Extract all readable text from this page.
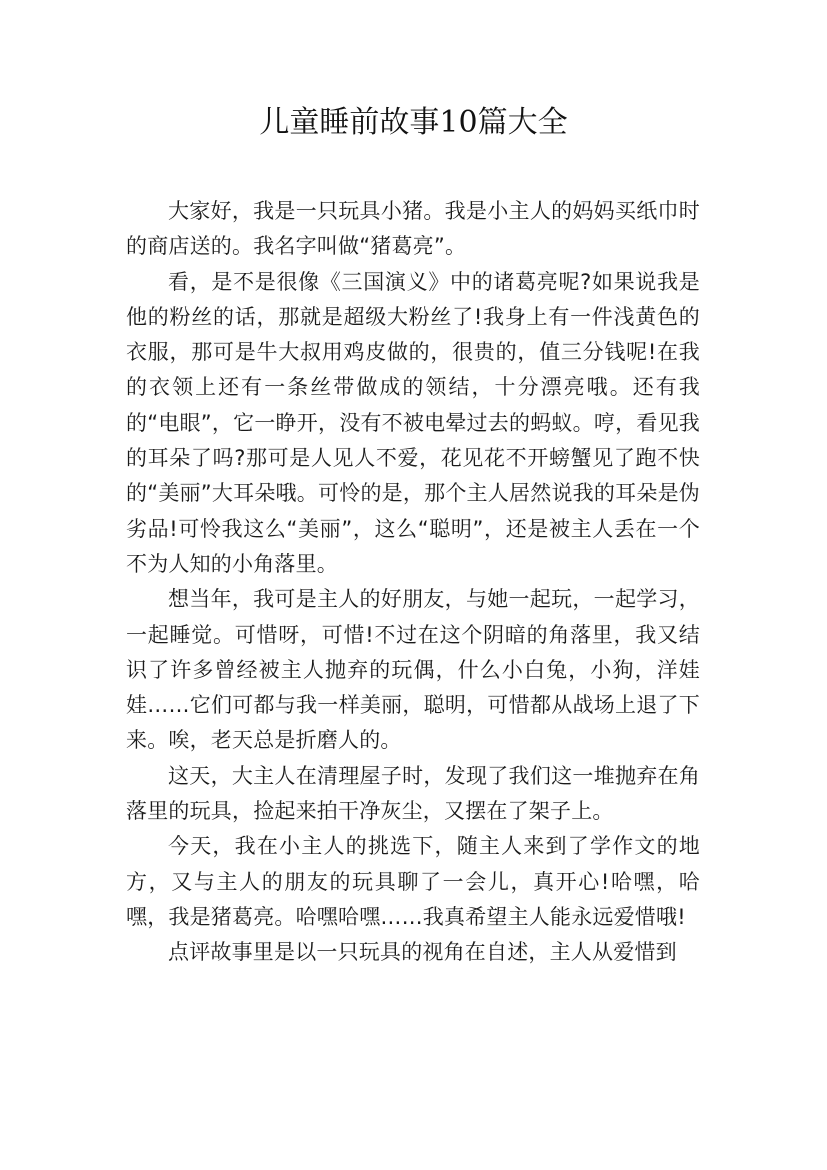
儿童睡前故事10篇大全

大家好，我是一只玩具小猪。我是小主人的妈妈买纸巾时的商店送的。我名字叫做“猪葛亮”。

看，是不是很像《三国演义》中的诸葛亮呢?如果说我是他的粉丝的话，那就是超级大粉丝了!我身上有一件浅黄色的衣服，那可是牛大叔用鸡皮做的，很贵的，值三分钱呢!在我的衣领上还有一条丝带做成的领结，十分漂亮哦。还有我的“电眼”，它一睁开，没有不被电晕过去的蚂蚁。哼，看见我的耳朵了吗?那可是人见人不爱，花见花不开螃蟹见了跑不快的“美丽”大耳朵哦。可怜的是，那个主人居然说我的耳朵是伪劣品!可怜我这么“美丽”，这么“聪明”，还是被主人丢在一个不为人知的小角落里。

想当年，我可是主人的好朋友，与她一起玩，一起学习，一起睡觉。可惜呀，可惜!不过在这个阴暗的角落里，我又结识了许多曾经被主人抛弃的玩偶，什么小白兔，小狗，洋娃娃……它们可都与我一样美丽，聪明，可惜都从战场上退了下来。唉，老天总是折磨人的。

这天，大主人在清理屋子时，发现了我们这一堆抛弃在角落里的玩具，捡起来拍干净灰尘，又摆在了架子上。

今天，我在小主人的挑选下，随主人来到了学作文的地方，又与主人的朋友的玩具聊了一会儿，真开心!哈嘿，哈嘿，我是猪葛亮。哈嘿哈嘿……我真希望主人能永远爱惜哦!

点评故事里是以一只玩具的视角在自述，主人从爱惜到
